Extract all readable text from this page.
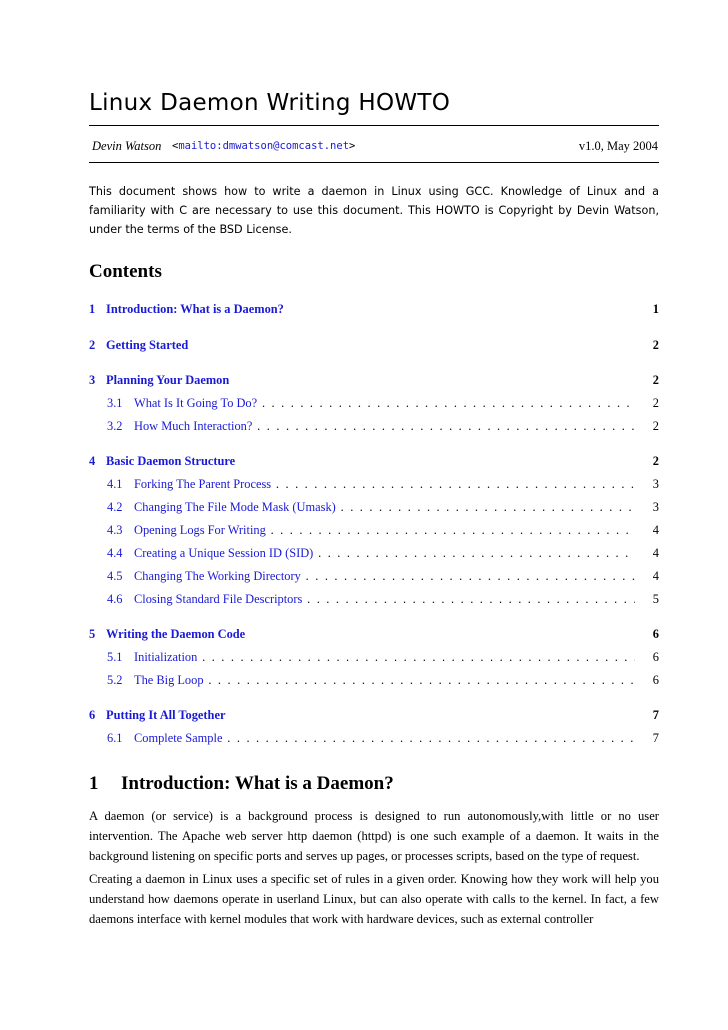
Linux Daemon Writing HOWTO
Devin Watson <mailto:dmwatson@comcast.net>	v1.0, May 2004
This document shows how to write a daemon in Linux using GCC. Knowledge of Linux and a familiarity with C are necessary to use this document. This HOWTO is Copyright by Devin Watson, under the terms of the BSD License.
Contents
1 Introduction: What is a Daemon?	1
2 Getting Started	2
3 Planning Your Daemon	2
3.1 What Is It Going To Do? . . .	2
3.2 How Much Interaction? . . .	2
4 Basic Daemon Structure	2
4.1 Forking The Parent Process . . .	3
4.2 Changing The File Mode Mask (Umask) . . .	3
4.3 Opening Logs For Writing . . .	4
4.4 Creating a Unique Session ID (SID) . . .	4
4.5 Changing The Working Directory . . .	4
4.6 Closing Standard File Descriptors . . .	5
5 Writing the Daemon Code	6
5.1 Initialization . . .	6
5.2 The Big Loop . . .	6
6 Putting It All Together	7
6.1 Complete Sample . . .	7
1 Introduction: What is a Daemon?
A daemon (or service) is a background process is designed to run autonomously,with little or no user intervention. The Apache web server http daemon (httpd) is one such example of a daemon. It waits in the background listening on specific ports and serves up pages, or processes scripts, based on the type of request.
Creating a daemon in Linux uses a specific set of rules in a given order. Knowing how they work will help you understand how daemons operate in userland Linux, but can also operate with calls to the kernel. In fact, a few daemons interface with kernel modules that work with hardware devices, such as external controller
